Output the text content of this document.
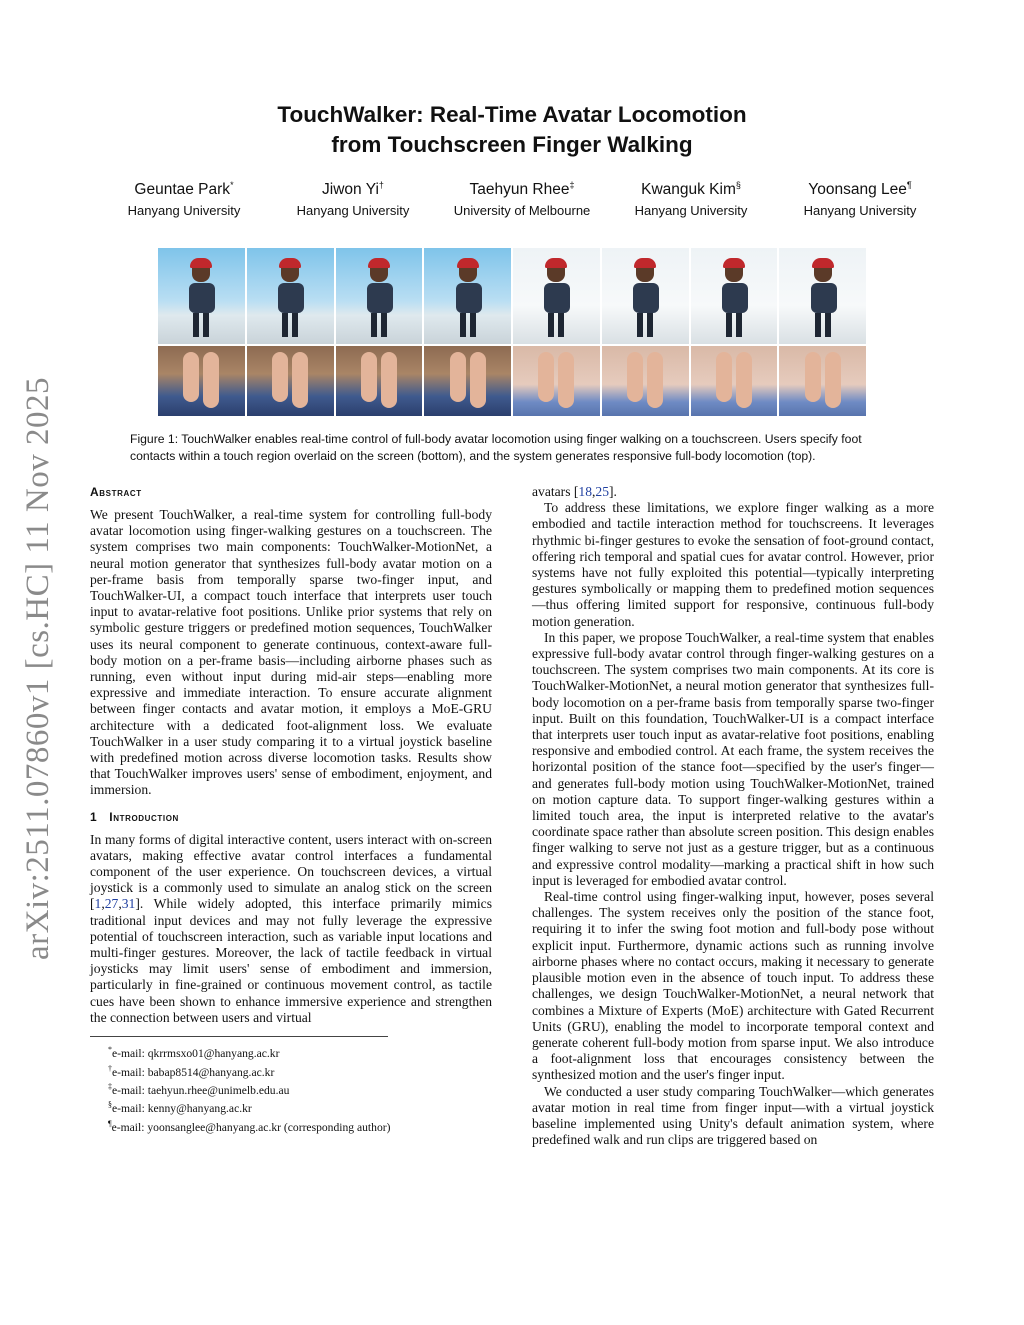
arXiv:2511.07860v1 [cs.HC] 11 Nov 2025
TouchWalker: Real-Time Avatar Locomotion
from Touchscreen Finger Walking
Geuntae Park*
Hanyang University
Jiwon Yi†
Hanyang University
Taehyun Rhee‡
University of Melbourne
Kwanguk Kim§
Hanyang University
Yoonsang Lee¶
Hanyang University
Figure 1: TouchWalker enables real-time control of full-body avatar locomotion using finger walking on a touchscreen. Users specify foot contacts within a touch region overlaid on the screen (bottom), and the system generates responsive full-body locomotion (top).
Abstract

We present TouchWalker, a real-time system for controlling full-body avatar locomotion using finger-walking gestures on a touchscreen. The system comprises two main components: TouchWalker-MotionNet, a neural motion generator that synthesizes full-body avatar motion on a per-frame basis from temporally sparse two-finger input, and TouchWalker-UI, a compact touch interface that interprets user touch input to avatar-relative foot positions. Unlike prior systems that rely on symbolic gesture triggers or predefined motion sequences, TouchWalker uses its neural component to generate continuous, context-aware full-body motion on a per-frame basis—including airborne phases such as running, even without input during mid-air steps—enabling more expressive and immediate interaction. To ensure accurate alignment between finger contacts and avatar motion, it employs a MoE-GRU architecture with a dedicated foot-alignment loss. We evaluate TouchWalker in a user study comparing it to a virtual joystick baseline with predefined motion across diverse locomotion tasks. Results show that TouchWalker improves users' sense of embodiment, enjoyment, and immersion.

1 Introduction

In many forms of digital interactive content, users interact with on-screen avatars, making effective avatar control interfaces a fundamental component of the user experience. On touchscreen devices, a virtual joystick is a commonly used to simulate an analog stick on the screen [1,27,31]. While widely adopted, this interface primarily mimics traditional input devices and may not fully leverage the expressive potential of touchscreen interaction, such as variable input locations and multi-finger gestures. Moreover, the lack of tactile feedback in virtual joysticks may limit users' sense of embodiment and immersion, particularly in fine-grained or continuous movement control, as tactile cues have been shown to enhance immersive experience and strengthen the connection between users and virtual

*e-mail: qkrrmsxo01@hanyang.ac.kr
†e-mail: babap8514@hanyang.ac.kr
‡e-mail: taehyun.rhee@unimelb.edu.au
§e-mail: kenny@hanyang.ac.kr
¶e-mail: yoonsanglee@hanyang.ac.kr (corresponding author)

avatars [18,25].

To address these limitations, we explore finger walking as a more embodied and tactile interaction method for touchscreens. It leverages rhythmic bi-finger gestures to evoke the sensation of foot-ground contact, offering rich temporal and spatial cues for avatar control. However, prior systems have not fully exploited this potential—typically interpreting gestures symbolically or mapping them to predefined motion sequences—thus offering limited support for responsive, continuous full-body motion generation.

In this paper, we propose TouchWalker, a real-time system that enables expressive full-body avatar control through finger-walking gestures on a touchscreen. The system comprises two main components. At its core is TouchWalker-MotionNet, a neural motion generator that synthesizes full-body locomotion on a per-frame basis from temporally sparse two-finger input. Built on this foundation, TouchWalker-UI is a compact interface that interprets user touch input as avatar-relative foot positions, enabling responsive and embodied control. At each frame, the system receives the horizontal position of the stance foot—specified by the user's finger—and generates full-body motion using TouchWalker-MotionNet, trained on motion capture data. To support finger-walking gestures within a limited touch area, the input is interpreted relative to the avatar's coordinate space rather than absolute screen position. This design enables finger walking to serve not just as a gesture trigger, but as a continuous and expressive control modality—marking a practical shift in how such input is leveraged for embodied avatar control.

Real-time control using finger-walking input, however, poses several challenges. The system receives only the position of the stance foot, requiring it to infer the swing foot motion and full-body pose without explicit input. Furthermore, dynamic actions such as running involve airborne phases where no contact occurs, making it necessary to generate plausible motion even in the absence of touch input. To address these challenges, we design TouchWalker-MotionNet, a neural network that combines a Mixture of Experts (MoE) architecture with Gated Recurrent Units (GRU), enabling the model to incorporate temporal context and generate coherent full-body motion from sparse input. We also introduce a foot-alignment loss that encourages consistency between the synthesized motion and the user's finger input.

We conducted a user study comparing TouchWalker—which generates avatar motion in real time from finger input—with a virtual joystick baseline implemented using Unity's default animation system, where predefined walk and run clips are triggered based on
